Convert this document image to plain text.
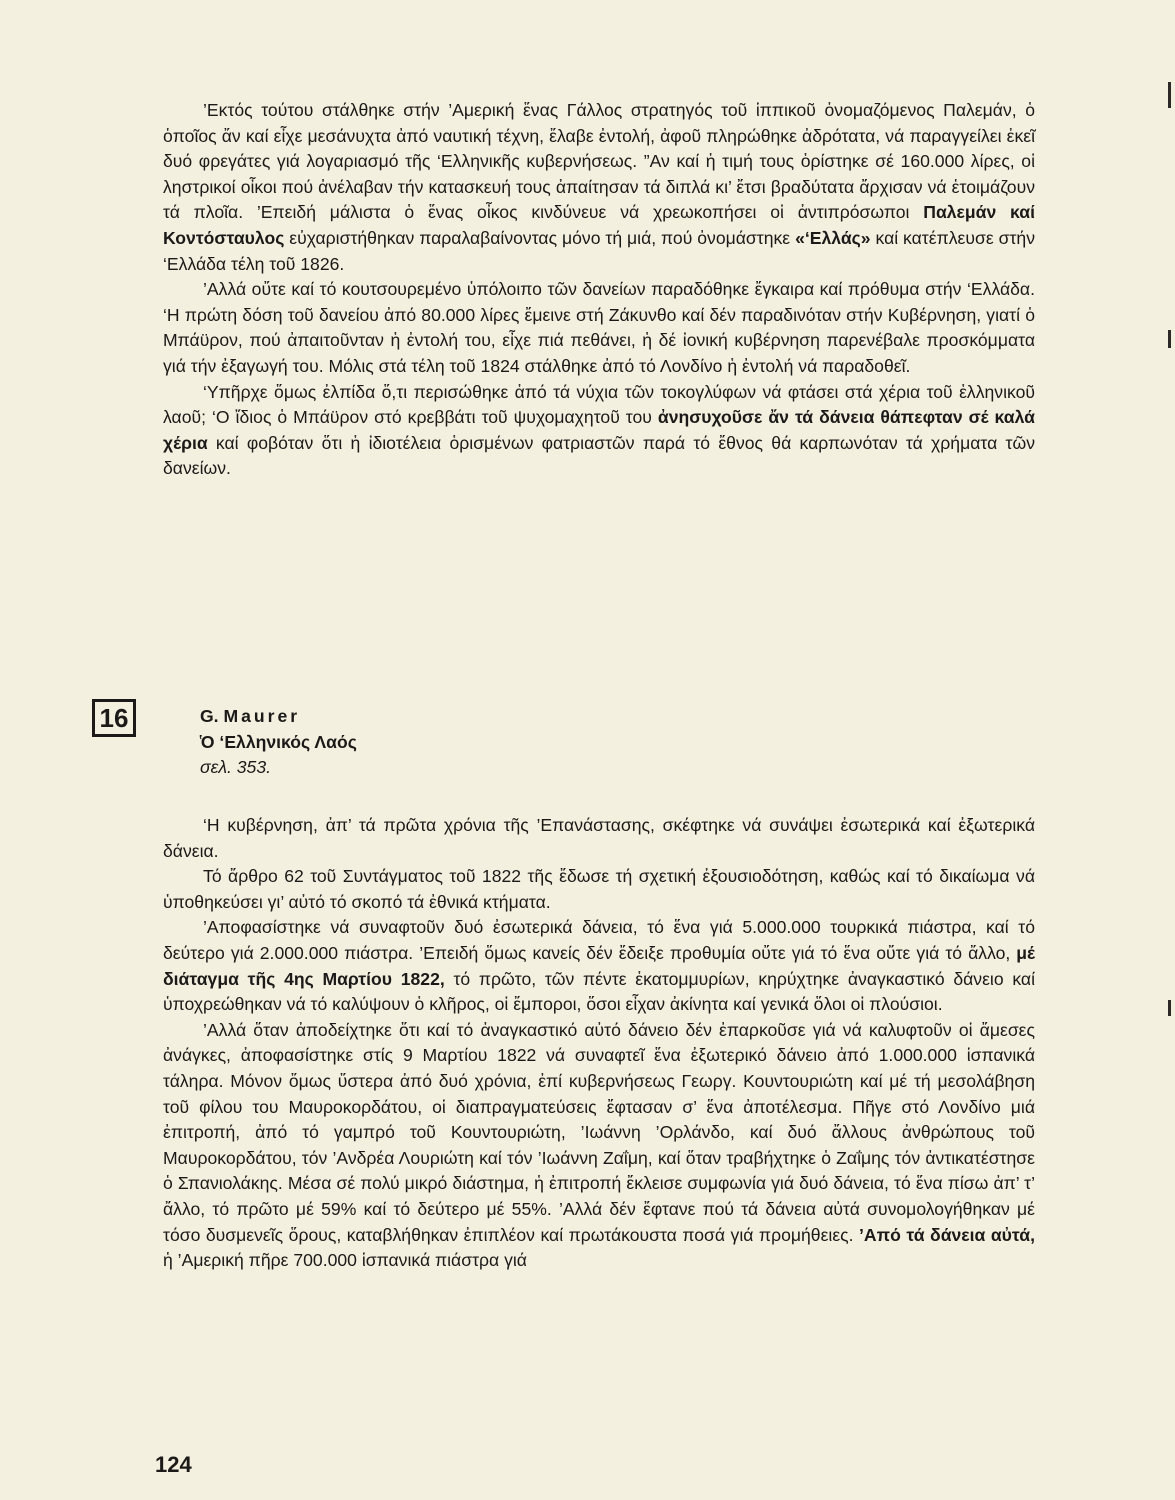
’Εκτός τούτου στάλθηκε στήν ’Αμερική ἕνας Γάλλος στρατηγός τοῦ ἱππικοῦ ὀνομαζόμενος Παλεμάν, ὁ ὁποῖος ἄν καί εἶχε μεσάνυχτα ἀπό ναυτική τέχνη, ἔλαβε ἐντολή, ἀφοῦ πληρώθηκε ἀδρότατα, νά παραγγείλει ἐκεῖ δυό φρεγάτες γιά λογαριασμό τῆς ‘Ελληνικῆς κυβερνήσεως. ”Αν καί ἡ τιμή τους ὁρίστηκε σέ 160.000 λίρες, οἱ ληστρικοί οἶκοι πού ἀνέλαβαν τήν κατασκευή τους ἀπαίτησαν τά διπλά κι’ ἔτσι βραδύτατα ἄρχισαν νά ἑτοιμάζουν τά πλοῖα. ’Επειδή μάλιστα ὁ ἕνας οἶκος κινδύνευε νά χρεωκοπήσει οἱ ἀντιπρόσωποι Παλεμάν καί Κοντόσταυλος εὐχαριστήθηκαν παραλαβαίνοντας μόνο τή μιά, πού ὀνομάστηκε «‘Ελλάς» καί κατέπλευσε στήν ‘Ελλάδα τέλη τοῦ 1826.

’Αλλά οὔτε καί τό κουτσουρεμένο ὑπόλοιπο τῶν δανείων παραδόθηκε ἔγκαιρα καί πρόθυμα στήν ‘Ελλάδα. ‘Η πρώτη δόση τοῦ δανείου ἀπό 80.000 λίρες ἔμεινε στή Ζάκυνθο καί δέν παραδινόταν στήν Κυβέρνηση, γιατί ὁ Μπάϋρον, πού ἀπαιτοῦνταν ἡ ἐντολή του, εἶχε πιά πεθάνει, ἡ δέ ἰονική κυβέρνηση παρενέβαλε προσκόμματα γιά τήν ἐξαγωγή του. Μόλις στά τέλη τοῦ 1824 στάλθηκε ἀπό τό Λονδίνο ἡ ἐντολή νά παραδοθεῖ.

‘Υπῆρχε ὅμως ἐλπίδα ὅ,τι περισώθηκε ἀπό τά νύχια τῶν τοκογλύφων νά φτάσει στά χέρια τοῦ ἑλληνικοῦ λαοῦ; ‘Ο ἴδιος ὁ Μπάϋρον στό κρεββάτι τοῦ ψυχομαχητοῦ του ἀνησυχοῦσε ἄν τά δάνεια θάπεφταν σέ καλά χέρια καί φοβόταν ὅτι ἡ ἰδιοτέλεια ὁρισμένων φατριαστῶν παρά τό ἔθνος θά καρπωνόταν τά χρήματα τῶν δανείων.

16	G. Maurer
Ὁ ‘Ελληνικός Λαός
σελ. 353.

‘Η κυβέρνηση, ἀπ’ τά πρῶτα χρόνια τῆς ’Επανάστασης, σκέφτηκε νά συνάψει ἐσωτερικά καί ἐξωτερικά δάνεια.

Τό ἄρθρο 62 τοῦ Συντάγματος τοῦ 1822 τῆς ἔδωσε τή σχετική ἐξουσιοδότηση, καθώς καί τό δικαίωμα νά ὑποθηκεύσει γι’ αὐτό τό σκοπό τά ἐθνικά κτήματα.

’Αποφασίστηκε νά συναφτοῦν δυό ἐσωτερικά δάνεια, τό ἕνα γιά 5.000.000 τουρκικά πιάστρα, καί τό δεύτερο γιά 2.000.000 πιάστρα. ’Επειδή ὅμως κανείς δέν ἔδειξε προθυμία οὔτε γιά τό ἕνα οὔτε γιά τό ἄλλο, μέ διάταγμα τῆς 4ης Μαρτίου 1822, τό πρῶτο, τῶν πέντε ἑκατομμυρίων, κηρύχτηκε ἀναγκαστικό δάνειο καί ὑποχρεώθηκαν νά τό καλύψουν ὁ κλῆρος, οἱ ἔμποροι, ὅσοι εἶχαν ἀκίνητα καί γενικά ὅλοι οἱ πλούσιοι.

’Αλλά ὅταν ἀποδείχτηκε ὅτι καί τό ἀναγκαστικό αὐτό δάνειο δέν ἐπαρκοῦσε γιά νά καλυφτοῦν οἱ ἄμεσες ἀνάγκες, ἀποφασίστηκε στίς 9 Μαρτίου 1822 νά συναφτεῖ ἕνα ἐξωτερικό δάνειο ἀπό 1.000.000 ἱσπανικά τάληρα. Μόνον ὅμως ὕστερα ἀπό δυό χρόνια, ἐπί κυβερνήσεως Γεωργ. Κουντουριώτη καί μέ τή μεσολάβηση τοῦ φίλου του Μαυροκορδάτου, οἱ διαπραγματεύσεις ἔφτασαν σ’ ἕνα ἀποτέλεσμα. Πῆγε στό Λονδίνο μιά ἐπιτροπή, ἀπό τό γαμπρό τοῦ Κουντουριώτη, ’Ιωάννη ’Ορλάνδο, καί δυό ἄλλους ἀνθρώπους τοῦ Μαυροκορδάτου, τόν ’Ανδρέα Λουριώτη καί τόν ’Ιωάννη Ζαΐμη, καί ὅταν τραβήχτηκε ὁ Ζαΐμης τόν ἀντικατέστησε ὁ Σπανιολάκης. Μέσα σέ πολύ μικρό διάστημα, ἡ ἐπιτροπή ἔκλεισε συμφωνία γιά δυό δάνεια, τό ἕνα πίσω ἀπ’ τ’ ἄλλο, τό πρῶτο μέ 59% καί τό δεύτερο μέ 55%. ’Αλλά δέν ἔφτανε πού τά δάνεια αὐτά συνομολογήθηκαν μέ τόσο δυσμενεῖς ὅρους, καταβλήθηκαν ἐπιπλέον καί πρωτάκουστα ποσά γιά προμήθειες. ’Από τά δάνεια αὐτά, ἡ ’Αμερική πῆρε 700.000 ἱσπανικά πιάστρα γιά

124
